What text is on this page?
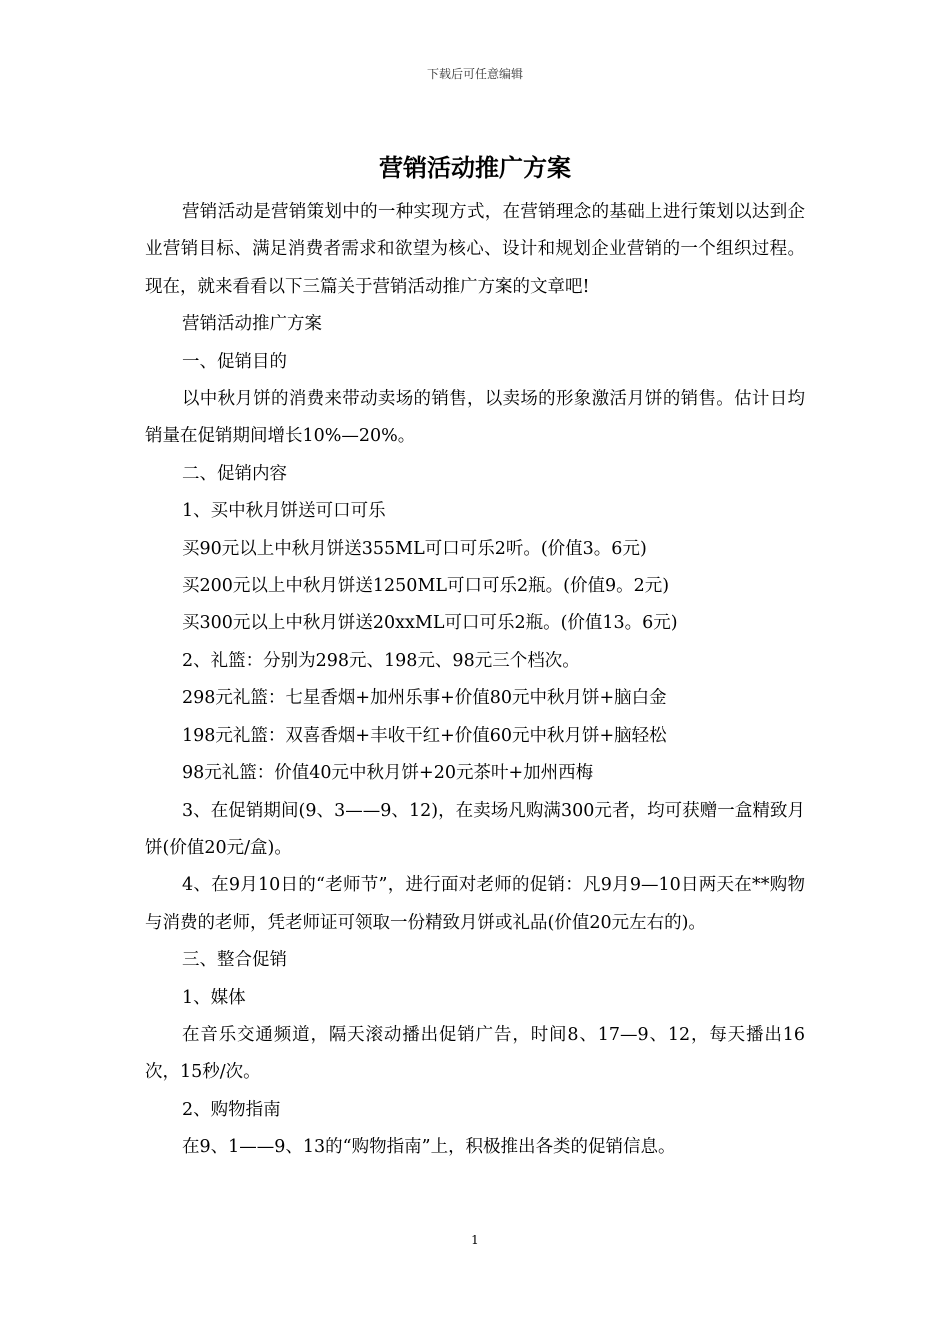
下载后可任意编辑
营销活动推广方案

营销活动是营销策划中的一种实现方式，在营销理念的基础上进行策划以达到企业营销目标、满足消费者需求和欲望为核心、设计和规划企业营销的一个组织过程。现在，就来看看以下三篇关于营销活动推广方案的文章吧!

营销活动推广方案

一、促销目的

以中秋月饼的消费来带动卖场的销售，以卖场的形象激活月饼的销售。估计日均销量在促销期间增长10%—20%。

二、促销内容

1、买中秋月饼送可口可乐

买90元以上中秋月饼送355ML可口可乐2听。(价值3。6元)

买200元以上中秋月饼送1250ML可口可乐2瓶。(价值9。2元)

买300元以上中秋月饼送20xxML可口可乐2瓶。(价值13。6元)

2、礼篮：分别为298元、198元、98元三个档次。

298元礼篮：七星香烟+加州乐事+价值80元中秋月饼+脑白金

198元礼篮：双喜香烟+丰收干红+价值60元中秋月饼+脑轻松

98元礼篮：价值40元中秋月饼+20元茶叶+加州西梅

3、在促销期间(9、3——9、12)，在卖场凡购满300元者，均可获赠一盒精致月饼(价值20元/盒)。

4、在9月10日的“老师节”，进行面对老师的促销：凡9月9—10日两天在**购物与消费的老师，凭老师证可领取一份精致月饼或礼品(价值20元左右的)。

三、整合促销

1、媒体

在音乐交通频道，隔天滚动播出促销广告，时间8、17—9、12，每天播出16次，15秒/次。

2、购物指南

在9、1——9、13的“购物指南”上，积极推出各类的促销信息。

1
